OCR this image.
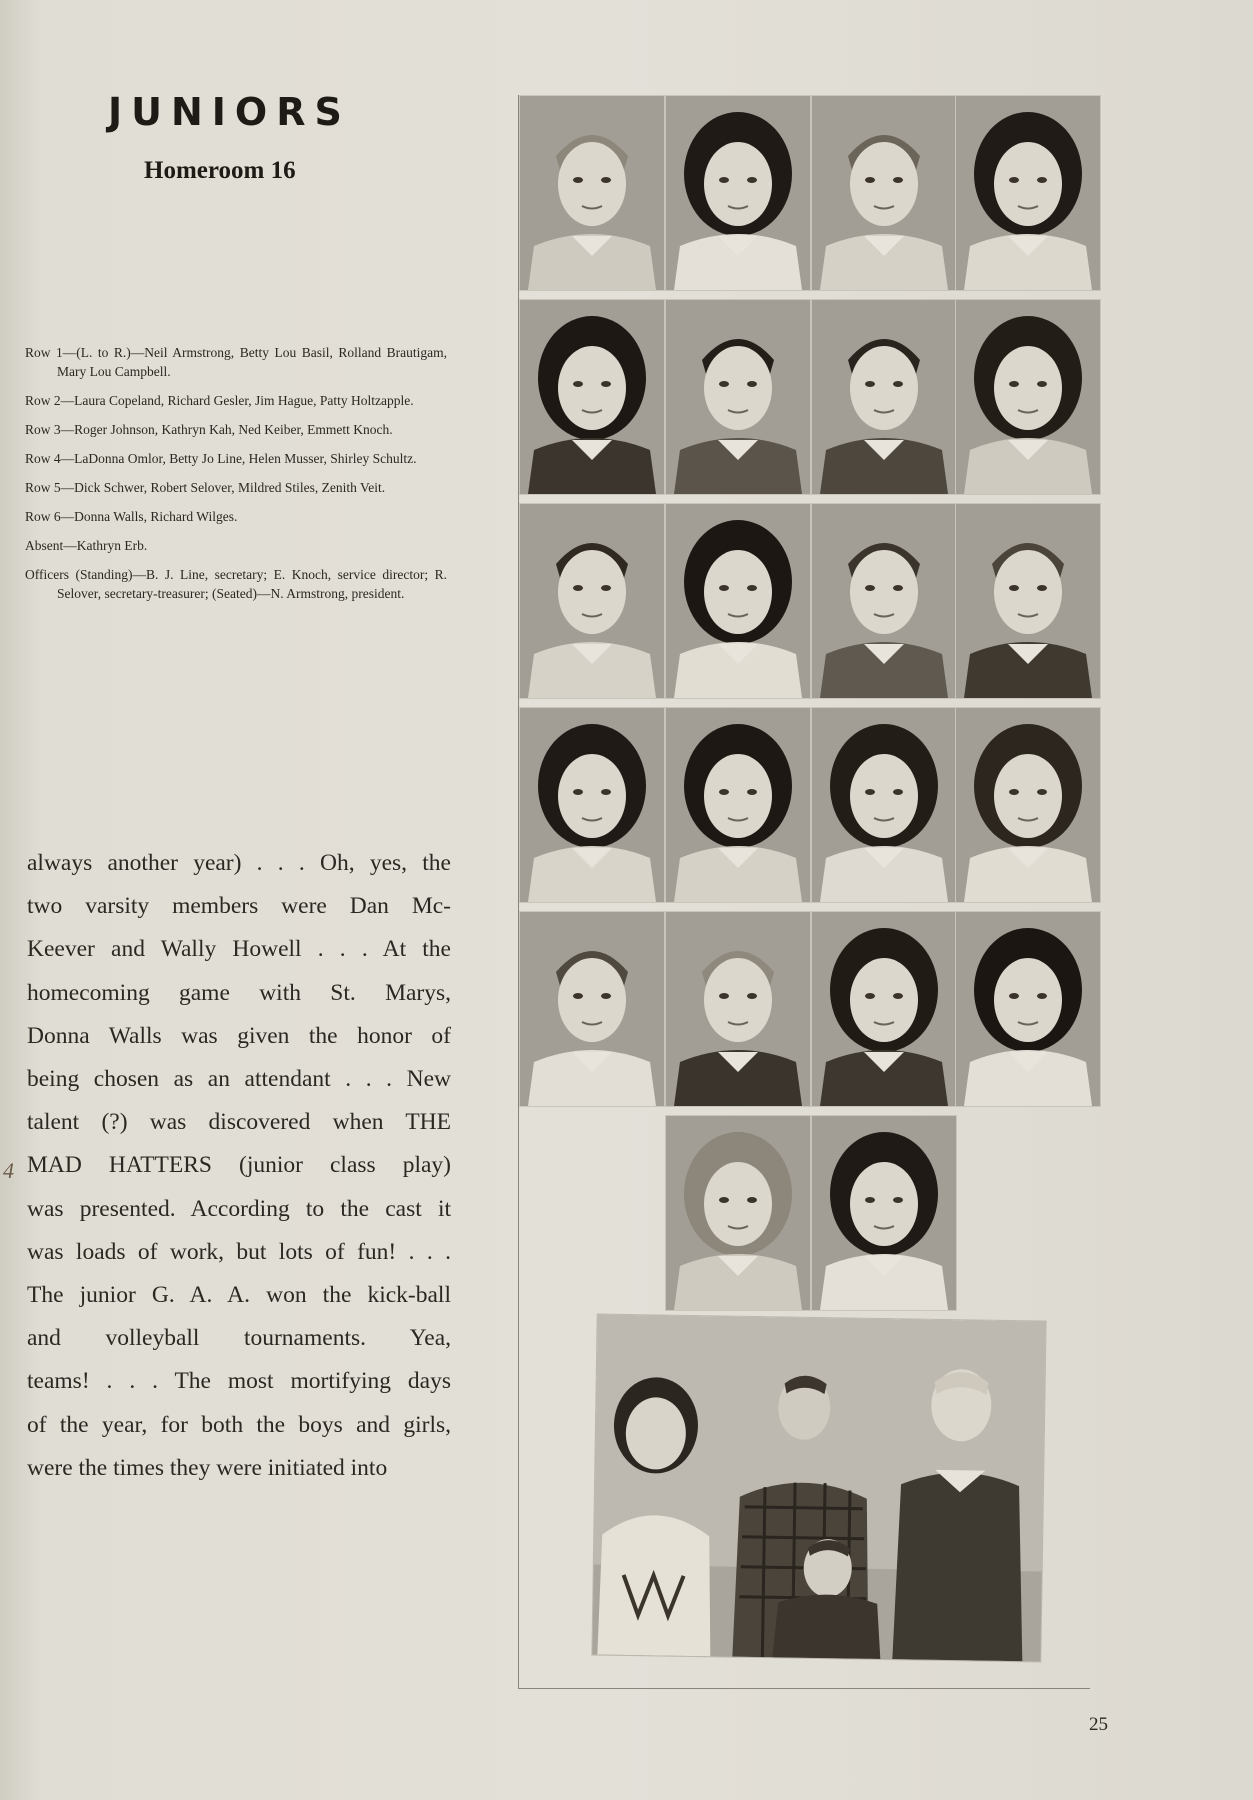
JUNIORS
Homeroom 16
Row 1—(L. to R.)—Neil Armstrong, Betty Lou Basil, Rolland Brautigam, Mary Lou Campbell.
Row 2—Laura Copeland, Richard Gesler, Jim Hague, Patty Holtzapple.
Row 3—Roger Johnson, Kathryn Kah, Ned Keiber, Emmett Knoch.
Row 4—LaDonna Omlor, Betty Jo Line, Helen Musser, Shirley Schultz.
Row 5—Dick Schwer, Robert Selover, Mildred Stiles, Zenith Veit.
Row 6—Donna Walls, Richard Wilges.
Absent—Kathryn Erb.
Officers (Standing)—B. J. Line, secretary; E. Knoch, service director; R. Selover, secretary-treasurer; (Seated)—N. Armstrong, president.
always another year) . . . Oh, yes, the
two varsity members were Dan Mc-
Keever and Wally Howell . . . At the
homecoming game with St. Marys,
Donna Walls was given the honor of
being chosen as an attendant . . . New
talent (?) was discovered when THE
MAD HATTERS (junior class play)
was presented. According to the cast it
was loads of work, but lots of fun! . . .
The junior G. A. A. won the kick-ball
and volleyball tournaments. Yea,
teams! . . . The most mortifying days
of the year, for both the boys and girls,
were the times they were initiated into
4
25
